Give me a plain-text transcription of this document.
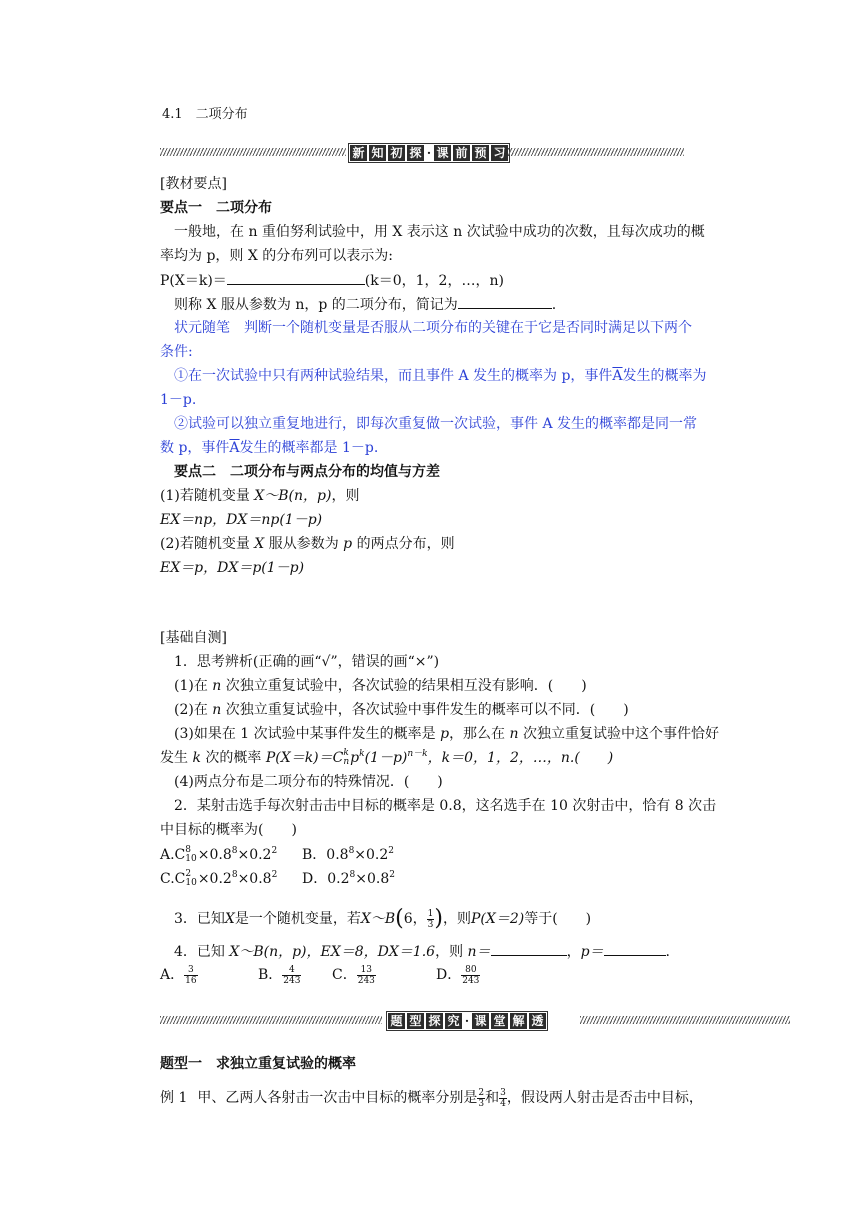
4.1　二项分布
新 知 初 探 · 课 前 预 习
[教材要点]
要点一　二项分布
一般地，在 n 重伯努利试验中，用 X 表示这 n 次试验中成功的次数，且每次成功的概
率均为 p，则 X 的分布列可以表示为:
P(X＝k)＝	(k＝0，1，2，…，n)
则称 X 服从参数为 n，p 的二项分布，简记为	.
状元随笔　判断一个随机变量是否服从二项分布的关键在于它是否同时满足以下两个
条件:
①在一次试验中只有两种试验结果，而且事件 A 发生的概率为 p，事件$\overline{A}$发生的概率为
1－p.
②试验可以独立重复地进行，即每次重复做一次试验，事件 A 发生的概率都是同一常
数 p，事件$\overline{A}$发生的概率都是 1－p.
要点二　二项分布与两点分布的均值与方差
(1)若随机变量 X～B(n，p)，则
EX＝np，DX＝np(1－p)
(2)若随机变量 X 服从参数为 p 的两点分布，则
EX＝p，DX＝p(1－p)
[基础自测]
1．思考辨析(正确的画“√”，错误的画“×”)
(1)在 n 次独立重复试验中，各次试验的结果相互没有影响．(　　)
(2)在 n 次独立重复试验中，各次试验中事件发生的概率可以不同．(　　)
(3)如果在 1 次试验中某事件发生的概率是 p，那么在 n 次独立重复试验中这个事件恰好
发生 k 次的概率 P(X＝k)＝C k
n $p^k(1-p)^{n-k}$，k＝0，1，2，…，n.(　　)
(4)两点分布是二项分布的特殊情况．(　　)
2．某射击选手每次射击击中目标的概率是 0.8，这名选手在 10 次射击中，恰有 8 次击
中目标的概率为(　　)
A.C 8
$10 \times 0.8^8\times 0.2^2$ B．$0.8^8\times 0.2^2$
C.C 2
$10 \times 0.2^8\times 0.8^2$ D．$0.2^8\times 0.8^2$
3．已知 X 是一个随机变量，若 X～B ( 6， $\frac{1}{3}$ ) ，则 P(X＝2) 等于(　　)
A． $\frac{3}{16}$	B． $\frac{4}{243}$ C． $\frac{13}{243}$	D． $\frac{80}{243}$
4．已知 X～B(n，p)，EX＝8，DX＝1.6，则 n＝	，p＝	.
题 型 探 究 · 课 堂 解 透
题型一　求独立重复试验的概率
例 1 甲、乙两人各射击一次击中目标的概率分别是 $\frac{2}{3}$ 和 $\frac{3}{4}$ ，假设两人射击是否击中目标，
